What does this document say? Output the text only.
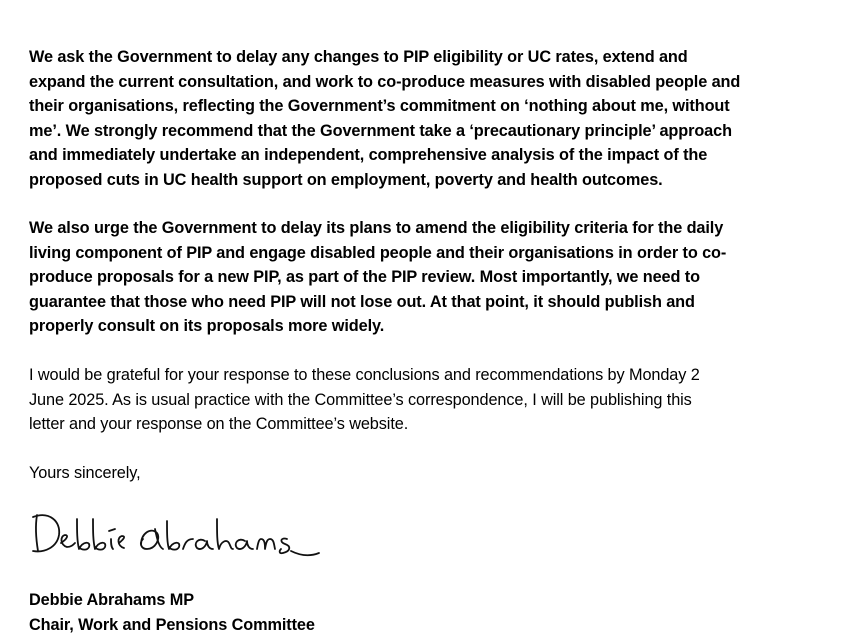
We ask the Government to delay any changes to PIP eligibility or UC rates, extend and
expand the current consultation, and work to co-produce measures with disabled people and
their organisations, reflecting the Government’s commitment on ‘nothing about me, without
me’. We strongly recommend that the Government take a ‘precautionary principle’ approach
and immediately undertake an independent, comprehensive analysis of the impact of the
proposed cuts in UC health support on employment, poverty and health outcomes.

We also urge the Government to delay its plans to amend the eligibility criteria for the daily
living component of PIP and engage disabled people and their organisations in order to co-
produce proposals for a new PIP, as part of the PIP review. Most importantly, we need to
guarantee that those who need PIP will not lose out. At that point, it should publish and
properly consult on its proposals more widely.

I would be grateful for your response to these conclusions and recommendations by Monday 2
June 2025. As is usual practice with the Committee’s correspondence, I will be publishing this
letter and your response on the Committee’s website.

Yours sincerely,

Debbie Abrahams MP
Chair, Work and Pensions Committee
